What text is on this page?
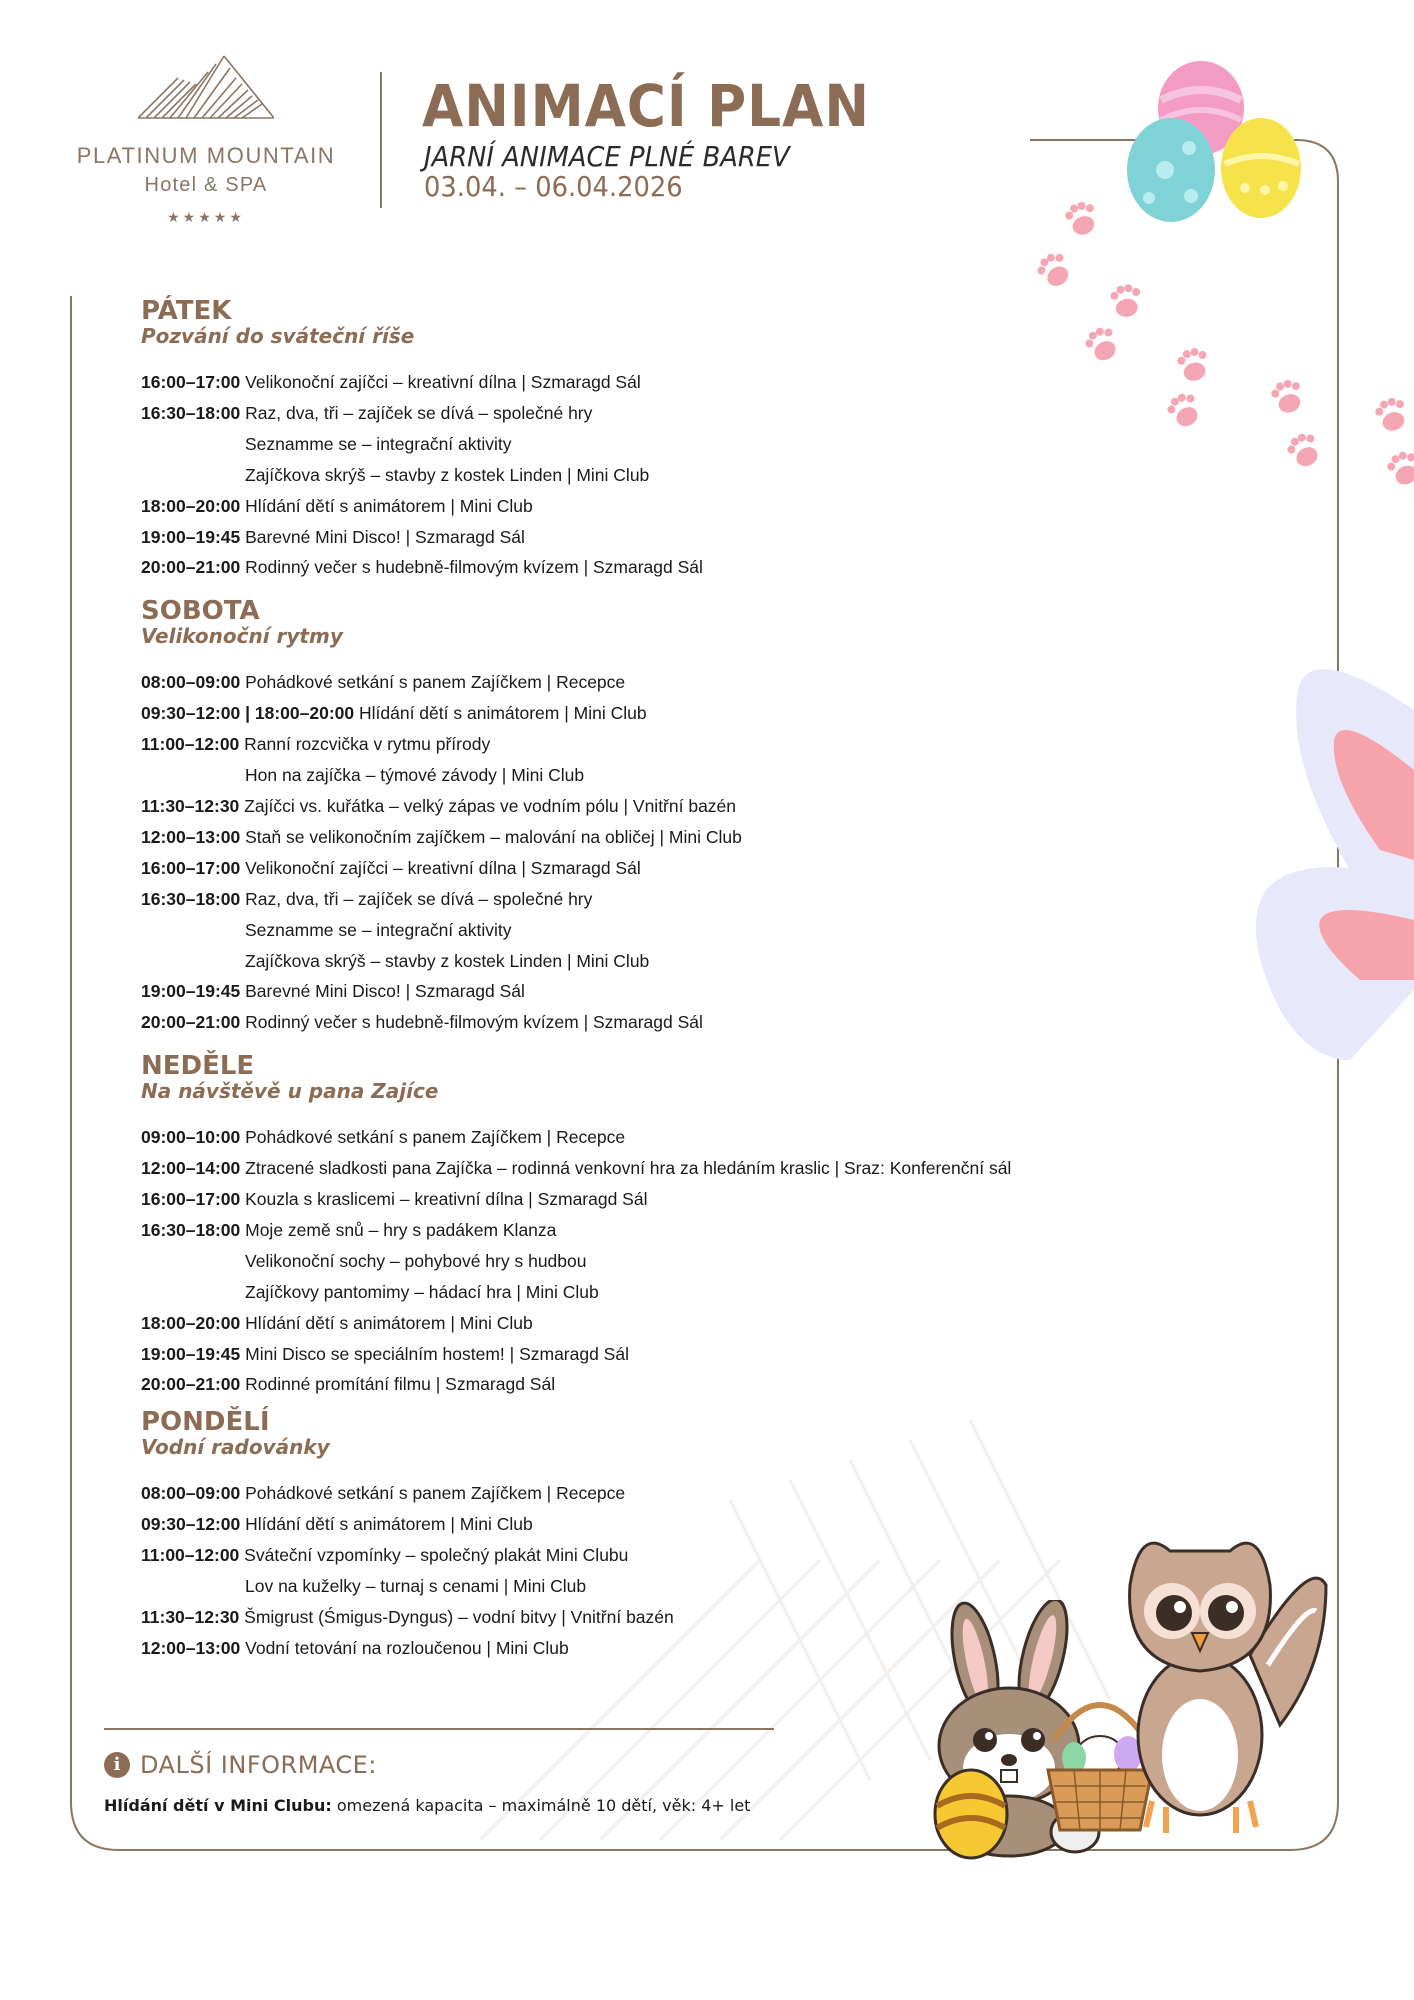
PLATINUM MOUNTAIN
Hotel & SPA
★★★★★
ANIMACÍ PLAN
JARNÍ ANIMACE PLNÉ BAREV
03.04. – 06.04.2026
PÁTEK
Pozvání do sváteční říše
16:00–17:00 Velikonoční zajíčci – kreativní dílna | Szmaragd Sál
16:30–18:00 Raz, dva, tři – zajíček se dívá – společné hry
Seznamme se – integrační aktivity
Zajíčkova skrýš – stavby z kostek Linden | Mini Club
18:00–20:00 Hlídání dětí s animátorem | Mini Club
19:00–19:45 Barevné Mini Disco! | Szmaragd Sál
20:00–21:00 Rodinný večer s hudebně-filmovým kvízem | Szmaragd Sál
SOBOTA
Velikonoční rytmy
08:00–09:00 Pohádkové setkání s panem Zajíčkem | Recepce
09:30–12:00 | 18:00–20:00 Hlídání dětí s animátorem | Mini Club
11:00–12:00 Ranní rozcvička v rytmu přírody
Hon na zajíčka – týmové závody | Mini Club
11:30–12:30 Zajíčci vs. kuřátka – velký zápas ve vodním pólu | Vnitřní bazén
12:00–13:00 Staň se velikonočním zajíčkem – malování na obličej | Mini Club
16:00–17:00 Velikonoční zajíčci – kreativní dílna | Szmaragd Sál
16:30–18:00 Raz, dva, tři – zajíček se dívá – společné hry
Seznamme se – integrační aktivity
Zajíčkova skrýš – stavby z kostek Linden | Mini Club
19:00–19:45 Barevné Mini Disco! | Szmaragd Sál
20:00–21:00 Rodinný večer s hudebně-filmovým kvízem | Szmaragd Sál
NEDĚLE
Na návštěvě u pana Zajíce
09:00–10:00 Pohádkové setkání s panem Zajíčkem | Recepce
12:00–14:00 Ztracené sladkosti pana Zajíčka – rodinná venkovní hra za hledáním kraslic | Sraz: Konferenční sál
16:00–17:00 Kouzla s kraslicemi – kreativní dílna | Szmaragd Sál
16:30–18:00 Moje země snů – hry s padákem Klanza
Velikonoční sochy – pohybové hry s hudbou
Zajíčkovy pantomimy – hádací hra | Mini Club
18:00–20:00 Hlídání dětí s animátorem | Mini Club
19:00–19:45 Mini Disco se speciálním hostem! | Szmaragd Sál
20:00–21:00 Rodinné promítání filmu | Szmaragd Sál
PONDĚLÍ
Vodní radovánky
08:00–09:00 Pohádkové setkání s panem Zajíčkem | Recepce
09:30–12:00 Hlídání dětí s animátorem | Mini Club
11:00–12:00 Sváteční vzpomínky – společný plakát Mini Clubu
Lov na kuželky – turnaj s cenami | Mini Club
11:30–12:30 Šmigrust (Śmigus-Dyngus) – vodní bitvy | Vnitřní bazén
12:00–13:00 Vodní tetování na rozloučenou | Mini Club
i DALŠÍ INFORMACE:
Hlídání dětí v Mini Clubu: omezená kapacita – maximálně 10 dětí, věk: 4+ let
